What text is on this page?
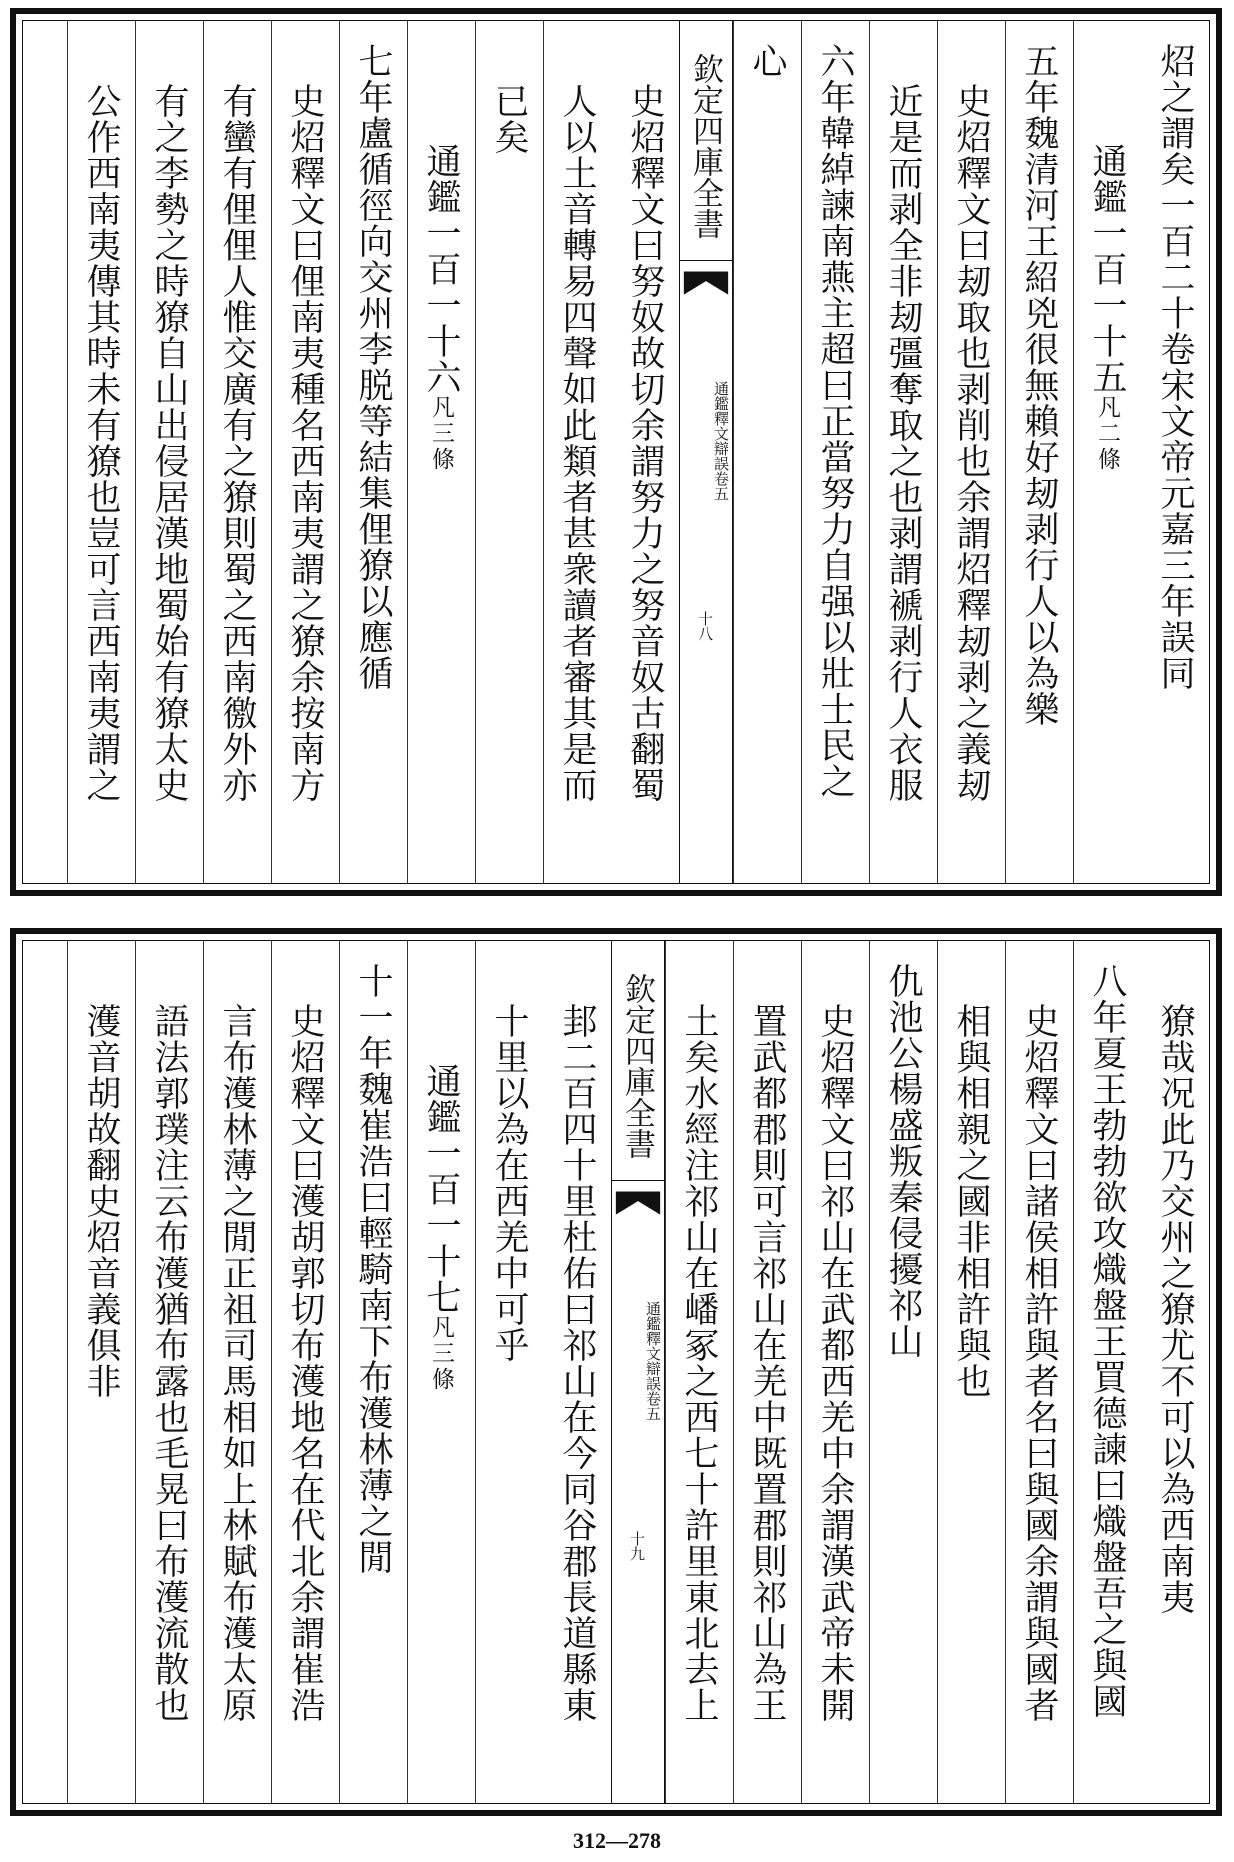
炤之謂矣一百二十卷宋文帝元嘉三年誤同
通鑑一百一十五凡二條
五年魏清河王紹兇很無賴好刼剥行人以為樂
史炤釋文曰刼取也剥削也余謂炤釋刼剥之義刼
近是而剥全非刼彊奪取之也剥謂褫剥行人衣服
六年韓綽諫南燕主超曰正當努力自强以壯士民之
心
欽定四庫全書
通鑑釋文辯誤
卷五
十八
史炤釋文曰努奴故切余謂努力之努音奴古翻蜀
人以土音轉易四聲如此類者甚衆讀者審其是而
已矣
通鑑一百一十六凡三條
七年盧循徑向交州李脱等結集俚獠以應循
史炤釋文曰俚南夷種名西南夷謂之獠余按南方
有蠻有俚俚人惟交廣有之獠則蜀之西南徼外亦
有之李勢之時獠自山出侵居漢地蜀始有獠太史
公作西南夷傳其時未有獠也豈可言西南夷謂之
獠哉况此乃交州之獠尤不可以為西南夷
八年夏王勃勃欲攻熾盤王買德諫曰熾盤吾之與國
史炤釋文曰諸侯相許與者名曰與國余謂與國者
相與相親之國非相許與也
仇池公楊盛叛秦侵擾祁山
史炤釋文曰祁山在武都西羌中余謂漢武帝未開
置武都郡則可言祁山在羌中既置郡則祁山為王
土矣水經注祁山在嶓冢之西七十許里東北去上
欽定四庫全書
通鑑釋文辯誤
卷五
十九
邽二百四十里杜佑曰祁山在今同谷郡長道縣東
十里以為在西羌中可乎
通鑑一百一十七凡三條
十一年魏崔浩曰輕騎南下布濩林薄之閒
史炤釋文曰濩胡郭切布濩地名在代北余謂崔浩
言布濩林薄之閒正祖司馬相如上林賦布濩太原
語法郭璞注云布濩猶布露也毛晃曰布濩流散也
濩音胡故翻史炤音義俱非
312—278
